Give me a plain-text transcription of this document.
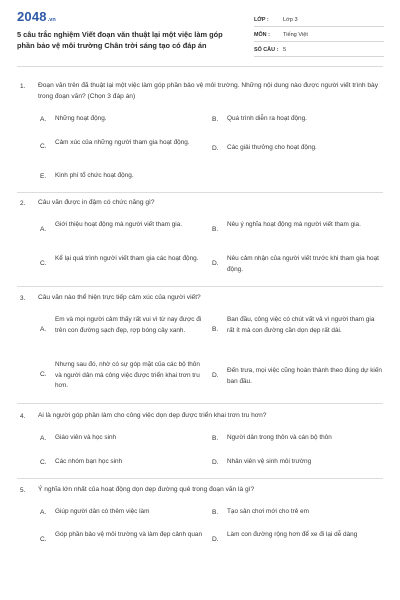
2048 .vn
5 câu trắc nghiệm Viết đoạn văn thuật lại một việc làm góp phần bảo vệ môi trường Chân trời sáng tạo có đáp án
LỚP :	Lớp 3
MÔN :	Tiếng Việt
SỐ CÂU : 5
1. Đoạn văn trên đã thuật lại một việc làm góp phần bảo vệ môi trường. Những nội dung nào được người viết trình bày trong đoạn văn? (Chọn 3 đáp án)
A. Những hoạt động.	B. Quá trình diễn ra hoạt động.
C.
Cảm xúc của những người tham gia hoạt động.
D. Các giải thưởng cho hoạt động.
E. Kinh phí tổ chức hoạt động.
2. Câu văn được in đậm có chức năng gì?
A.
Giới thiệu hoạt động mà người viết tham gia.
B.
Nêu ý nghĩa hoạt động mà người viết tham gia.
C.
Kể lại quá trình người viết tham gia các hoạt động.
D.
Nêu cảm nhận của người viết trước khi tham gia hoạt động.
3. Câu văn nào thể hiện trực tiếp cảm xúc của người viết?
A.
Em và mọi người cảm thấy rất vui vì từ nay được đi trên con đường sạch đẹp, rợp bóng cây xanh.	B.
Ban đầu, công việc có chút vất vả vì người tham gia rất ít mà con đường cần dọn dẹp rất dài.
C.
Nhưng sau đó, nhờ có sự góp mặt của các bộ thôn và người dân mà công việc được triển khai trơn tru hơn.
D.
Đến trưa, mọi việc cũng hoàn thành theo đúng dự kiến ban đầu.
4. Ai là người góp phần làm cho công việc dọn dẹp được triển khai trơn tru hơn?
A. Giáo viên và học sinh	B. Người dân trong thôn và cán bộ thôn
C. Các nhóm bạn học sinh	D. Nhân viên vệ sinh môi trường
5. Ý nghĩa lớn nhất của hoạt động dọn dẹp đường quê trong đoạn văn là gì?
A. Giúp người dân có thêm việc làm	B. Tạo sân chơi mới cho trẻ em
C.
Góp phần bảo vệ môi trường và làm đẹp cảnh quan
D.
Làm con đường rộng hơn để xe đi lại dễ dàng
